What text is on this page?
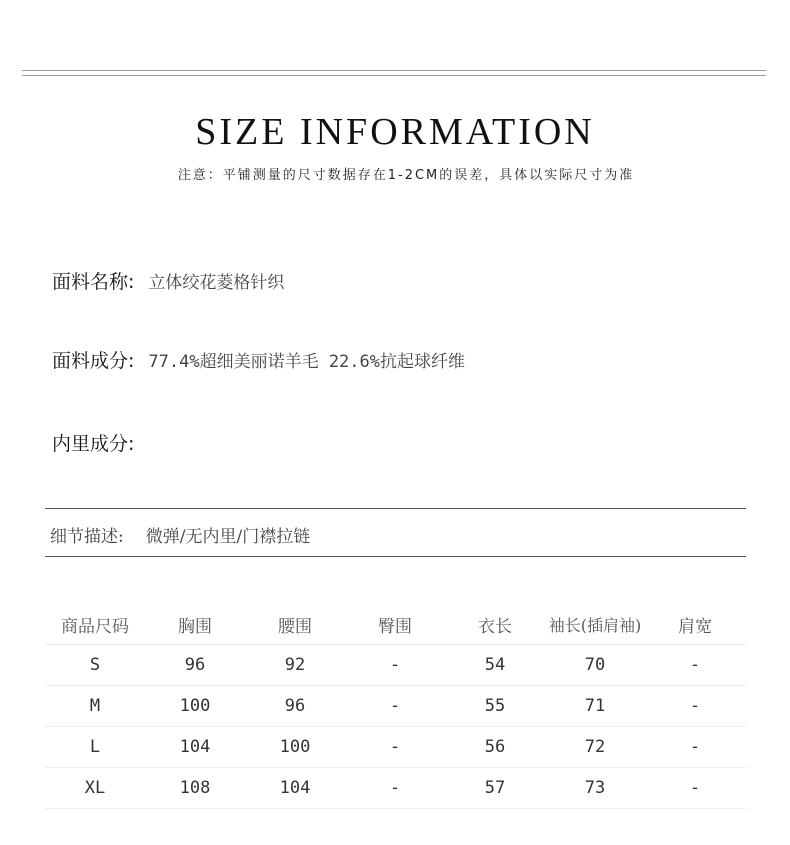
SIZE INFORMATION
注意：平铺测量的尺寸数据存在1-2CM的误差，具体以实际尺寸为准
面料名称: 立体绞花菱格针织
面料成分: 77.4%超细美丽诺羊毛 22.6%抗起球纤维
内里成分:
细节描述: 微弹/无内里/门襟拉链
商品尺码	胸围	腰围	臀围	衣长	袖长(插肩袖)	肩宽
S	96	92	-	54	70	-
M	100	96	-	55	71	-
L	104	100	-	56	72	-
XL	108	104	-	57	73	-
